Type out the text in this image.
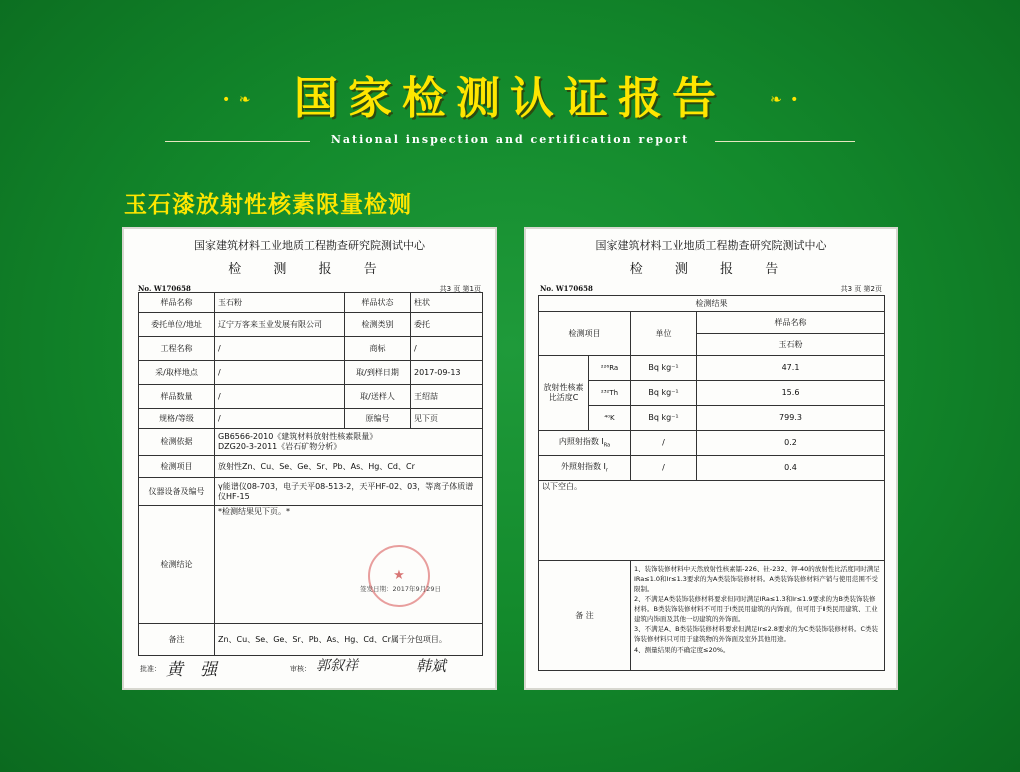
• ❧ 国家检测认证报告	❧ •
National inspection and certification report
玉石漆放射性核素限量检测
国家建筑材料工业地质工程勘查研究院测试中心
检 测 报 告
No. W170658	共3 页 第1页
样品名称	玉石粉	样品状态	柱状
委托单位/地址	辽宁万客来玉业发展有限公司	检测类别	委托
工程名称	/	商标	/
采/取样地点	/	取/到样日期	2017-09-13
样品数量	/	取/送样人	王绍喆
规格/等级	/	原编号	见下页
检测依据	GB6566-2010《建筑材料放射性核素限量》
DZG20-3-2011《岩石矿物分析》		

检测项目	放射性Zn、Cu、Se、Ge、Sr、Pb、As、Hg、Cd、Cr		
仪器设备及编号	γ能谱仪08-703，电子天平08-513-2，天平HF-02、03，等离子体质谱仪HF-15		
检测结论	*检测结果见下页。*		
备注	Zn、Cu、Se、Ge、Sr、Pb、As、Hg、Cd、Cr属于分包项目。		
★
签发日期：2017年9月29日
批准： 黄　强	审核： 郭叙祥	韩斌
国家建筑材料工业地质工程勘查研究院测试中心
检 测 报 告
No. W170658	共3 页 第2页
检测结果			
检测项目		单位	样品名称
			玉石粉
放射性核素比活度C	²²⁶Ra	Bq kg⁻¹	47.1
	²³²Th	Bq kg⁻¹	15.6
	⁴⁰K	Bq kg⁻¹	799.3
内照射指数 $I_{Ra}$		/	0.2
外照射指数 $I_r$		/	0.4
以下空白。			
备 注		1、装饰装修材料中天然放射性核素镭-226、钍-232、钾-40的放射性比活度同时满足IRa≤1.0和Ir≤1.3要求的为A类装饰装修材料。A类装饰装修材料产销与使用范围不受限制。
2、不满足A类装饰装修材料要求但同时满足IRa≤1.3和Ir≤1.9要求的为B类装饰装修材料。B类装饰装修材料不可用于Ⅰ类民用建筑的内饰面，但可用于Ⅱ类民用建筑、工业建筑内饰面及其他一切建筑的外饰面。
3、不满足A、B类装饰装修材料要求但满足Ir≤2.8要求的为C类装饰装修材料。C类装饰装修材料只可用于建筑物的外饰面及室外其他用途。
4、测量结果的不确定度≤20%。	
